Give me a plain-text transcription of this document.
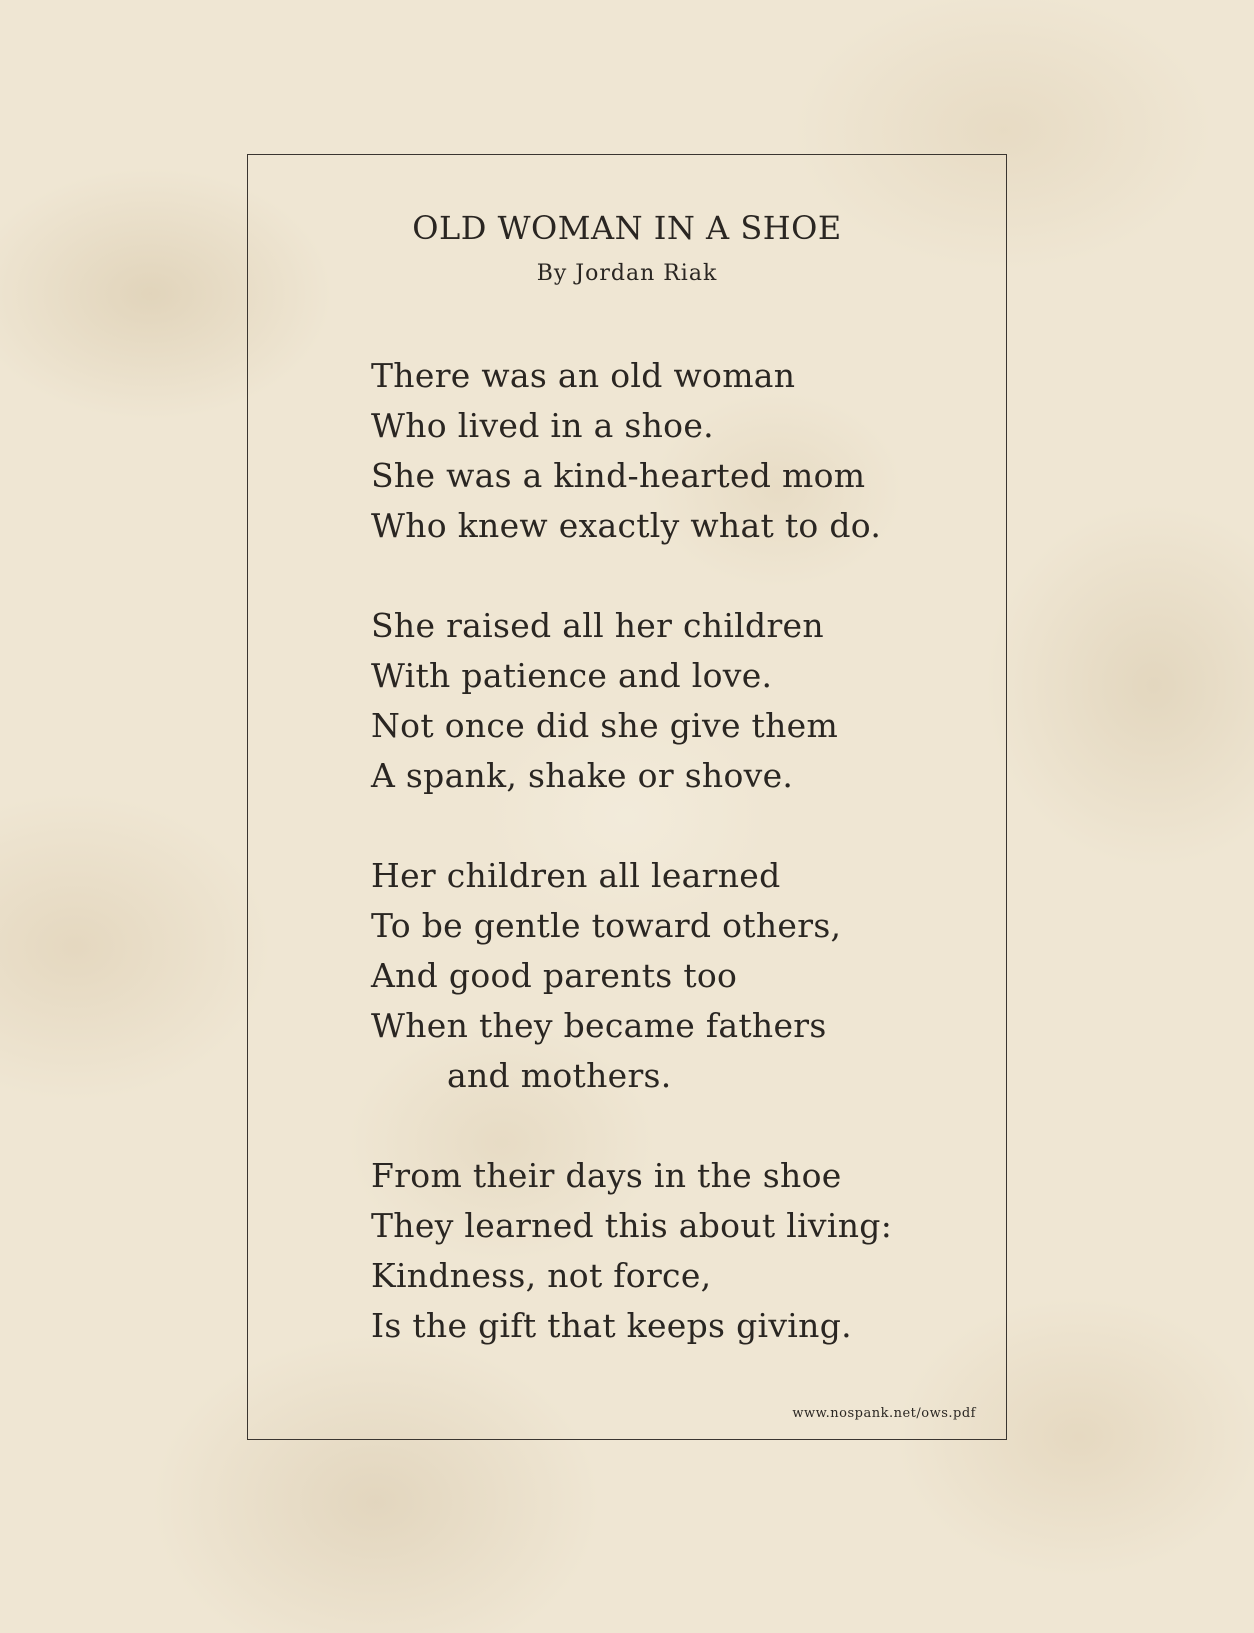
OLD WOMAN IN A SHOE
By Jordan Riak
There was an old woman
Who lived in a shoe.
She was a kind-hearted mom
Who knew exactly what to do.
She raised all her children
With patience and love.
Not once did she give them
A spank, shake or shove.
Her children all learned
To be gentle toward others,
And good parents too
When they became fathers
and mothers.
From their days in the shoe
They learned this about living:
Kindness, not force,
Is the gift that keeps giving.
www.nospank.net/ows.pdf
